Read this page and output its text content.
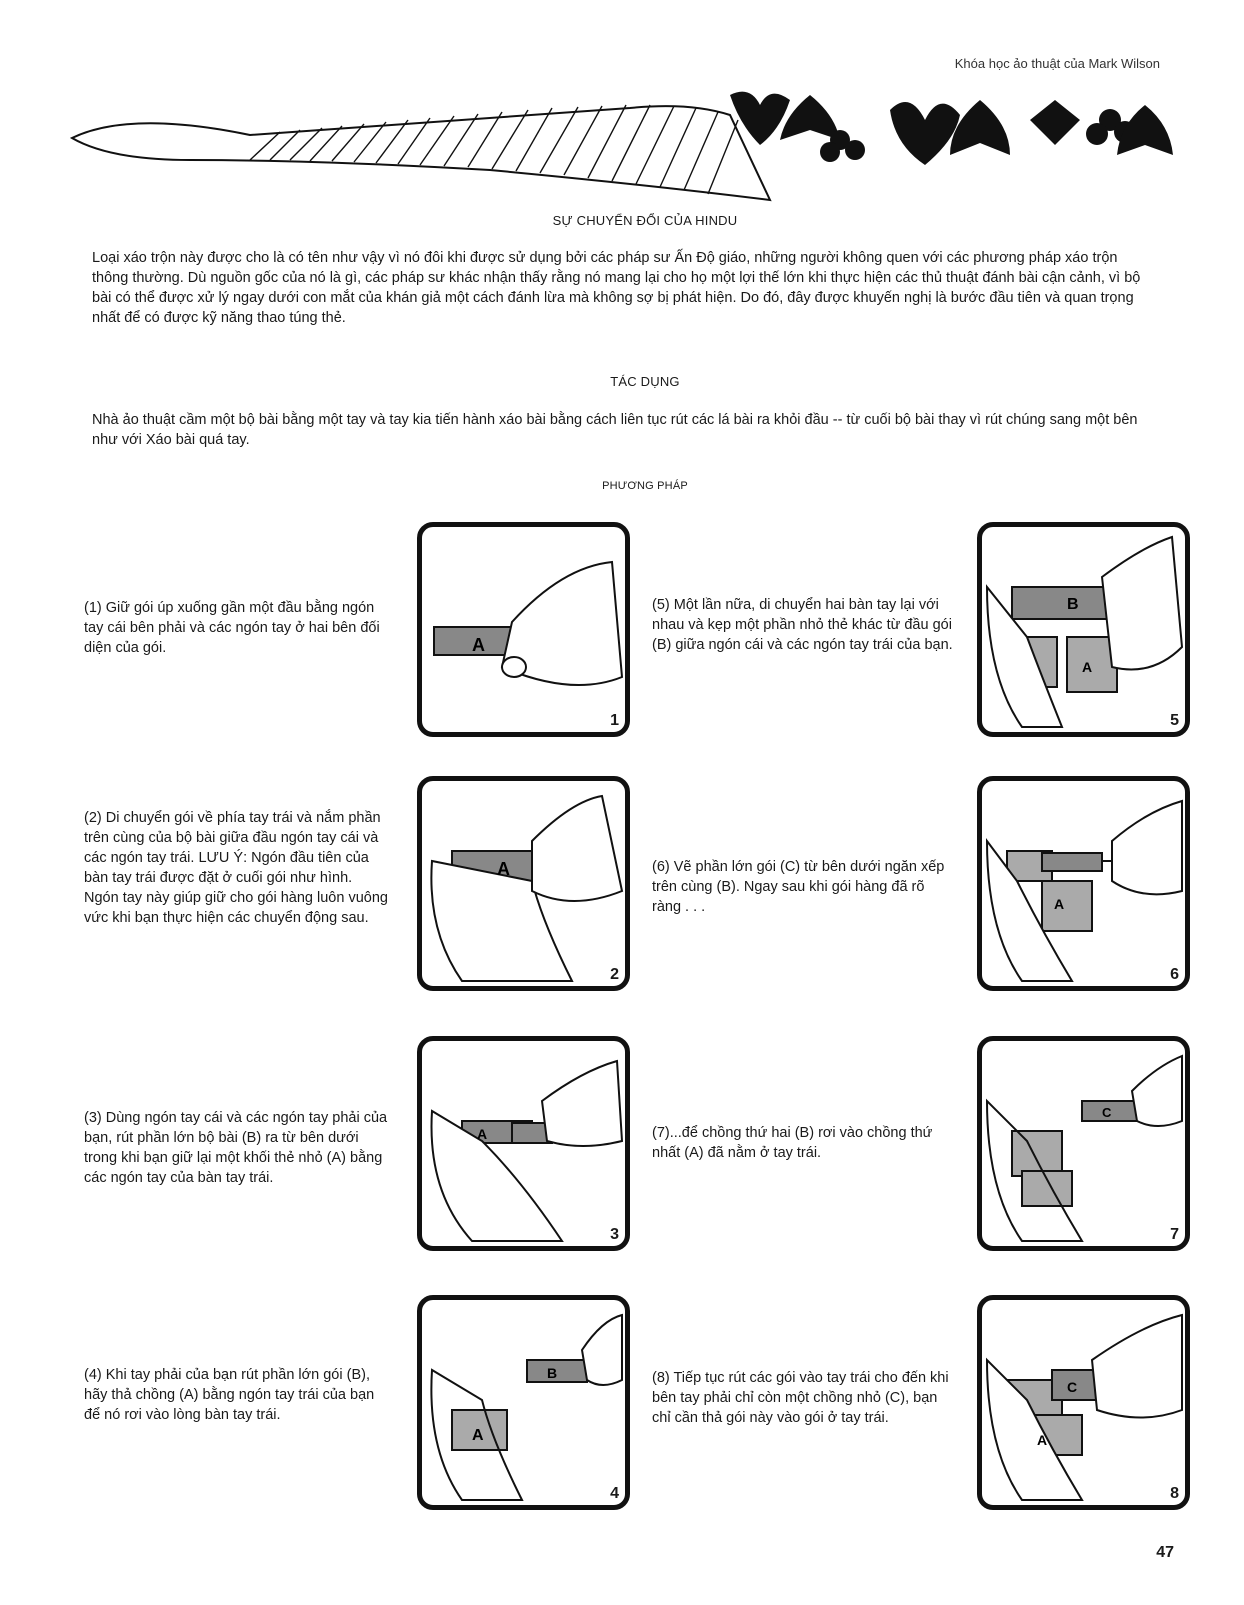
Khóa học ảo thuật của Mark Wilson
SỰ CHUYỂN ĐỔI CỦA HINDU
Loại xáo trộn này được cho là có tên như vậy vì nó đôi khi được sử dụng bởi các pháp sư Ấn Độ giáo, những người không quen với các phương pháp xáo trộn thông thường. Dù nguồn gốc của nó là gì, các pháp sư khác nhận thấy rằng nó mang lại cho họ một lợi thế lớn khi thực hiện các thủ thuật đánh bài cận cảnh, vì bộ bài có thể được xử lý ngay dưới con mắt của khán giả một cách đánh lừa mà không sợ bị phát hiện. Do đó, đây được khuyến nghị là bước đầu tiên và quan trọng nhất để có được kỹ năng thao túng thẻ.
TÁC DỤNG
Nhà ảo thuật cầm một bộ bài bằng một tay và tay kia tiến hành xáo bài bằng cách liên tục rút các lá bài ra khỏi đầu -- từ cuối bộ bài thay vì rút chúng sang một bên như với Xáo bài quá tay.
PHƯƠNG PHÁP
(1) Giữ gói úp xuống gần một đầu bằng ngón tay cái bên phải và các ngón tay ở hai bên đối diện của gói.	A
1
(2) Di chuyển gói về phía tay trái và nắm phần trên cùng của bộ bài giữa đầu ngón tay cái và các ngón tay trái. LƯU Ý: Ngón đầu tiên của bàn tay trái được đặt ở cuối gói như hình. Ngón tay này giúp giữ cho gói hàng luôn vuông vức khi bạn thực hiện các chuyển động sau.
A
2
(3) Dùng ngón tay cái và các ngón tay phải của bạn, rút phần lớn bộ bài (B) ra từ bên dưới trong khi bạn giữ lại một khối thẻ nhỏ (A) bằng các ngón tay của bàn tay trái.
A
3
(4) Khi tay phải của bạn rút phần lớn gói (B), hãy thả chồng (A) bằng ngón tay trái của bạn để nó rơi vào lòng bàn tay trái.
A
B
4
(5) Một lần nữa, di chuyển hai bàn tay lại với nhau và kẹp một phần nhỏ thẻ khác từ đầu gói (B) giữa ngón cái và các ngón tay trái của bạn.
B
A
5
(6) Vẽ phần lớn gói (C) từ bên dưới ngăn xếp trên cùng (B). Ngay sau khi gói hàng đã rõ ràng . . .	A
6
(7)...để chồng thứ hai (B) rơi vào chồng thứ nhất (A) đã nằm ở tay trái.
C
7
(8) Tiếp tục rút các gói vào tay trái cho đến khi bên tay phải chỉ còn một chồng nhỏ (C), bạn chỉ cần thả gói này vào gói ở tay trái.
C
A
8
47
